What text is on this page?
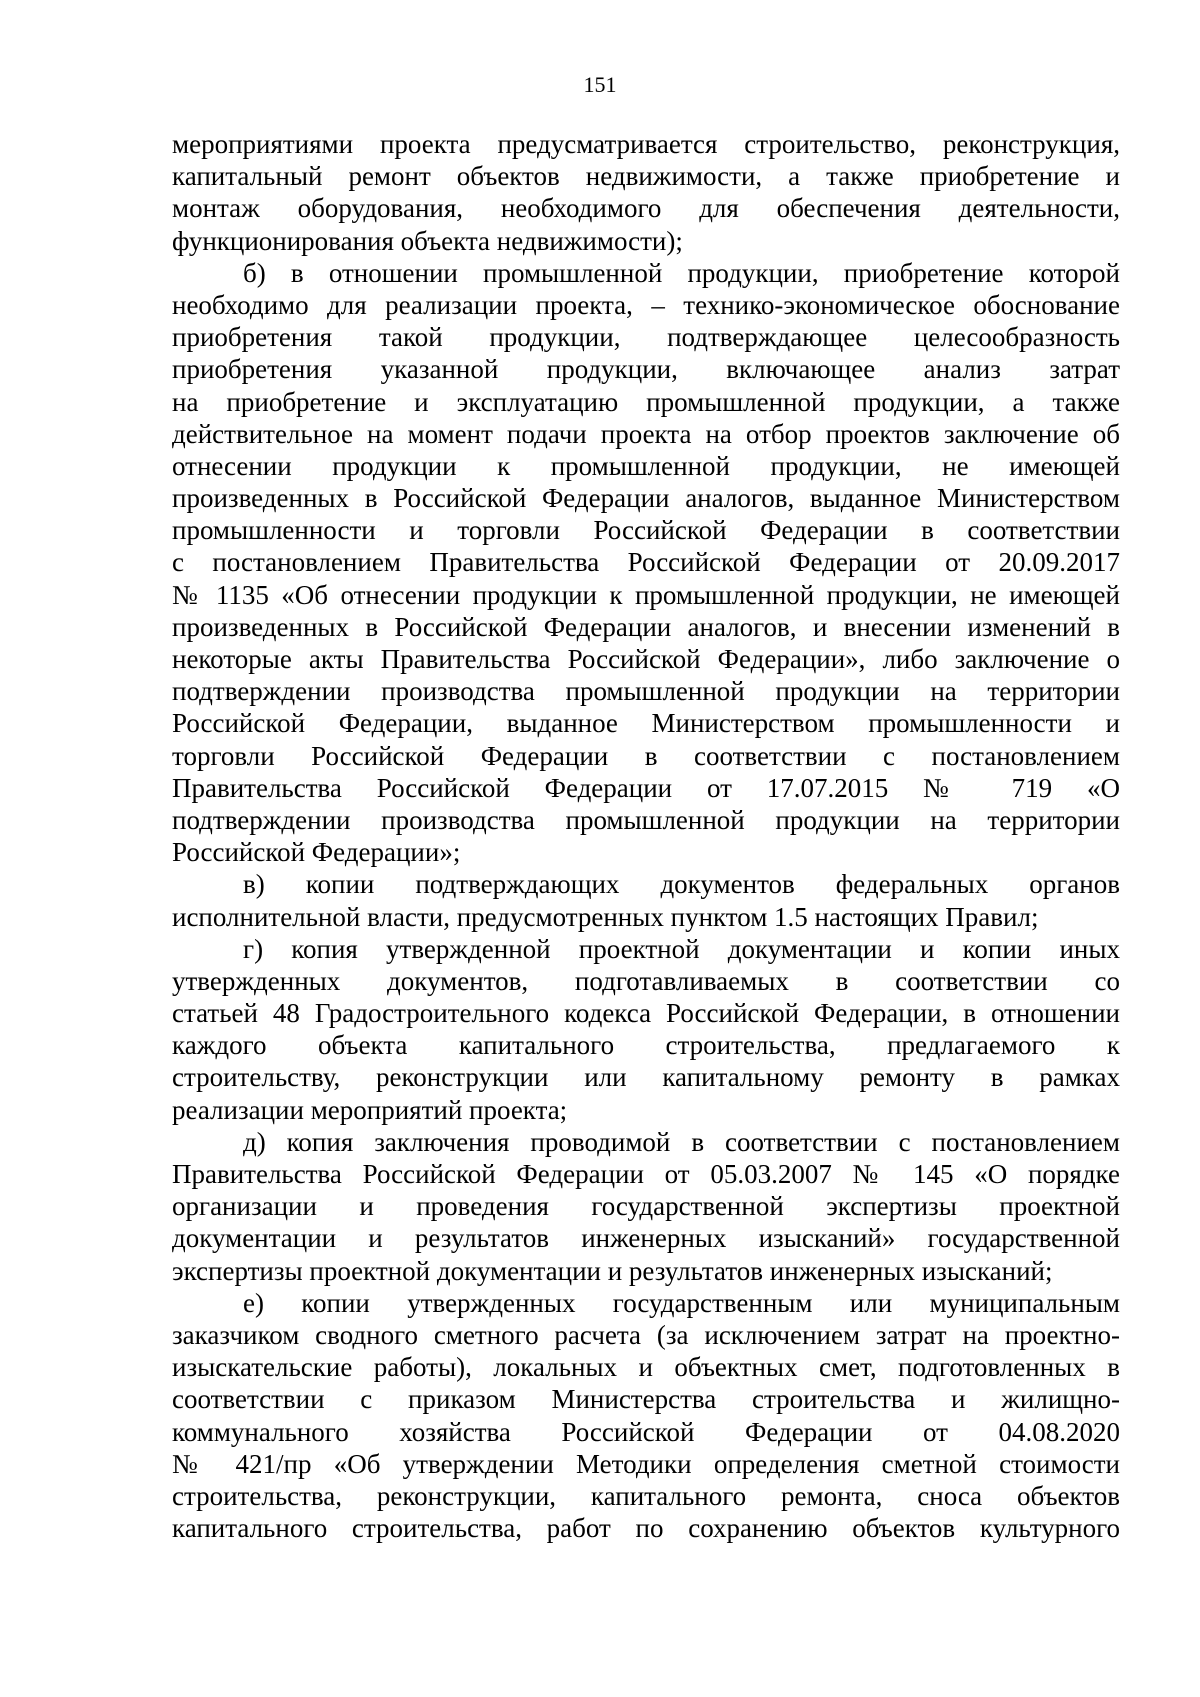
151
мероприятиями проекта предусматривается строительство, реконструкция,
капитальный ремонт объектов недвижимости, а также приобретение и
монтаж оборудования, необходимого для обеспечения деятельности,
функционирования объекта недвижимости);
б) в отношении промышленной продукции, приобретение которой
необходимо для реализации проекта, – технико-экономическое обоснование
приобретения такой продукции, подтверждающее целесообразность
приобретения указанной продукции, включающее анализ затрат
на приобретение и эксплуатацию промышленной продукции, а также
действительное на момент подачи проекта на отбор проектов заключение об
отнесении продукции к промышленной продукции, не имеющей
произведенных в Российской Федерации аналогов, выданное Министерством
промышленности и торговли Российской Федерации в соответствии
с постановлением Правительства Российской Федерации от 20.09.2017
№ 1135 «Об отнесении продукции к промышленной продукции, не имеющей
произведенных в Российской Федерации аналогов, и внесении изменений в
некоторые акты Правительства Российской Федерации», либо заключение о
подтверждении производства промышленной продукции на территории
Российской Федерации, выданное Министерством промышленности и
торговли Российской Федерации в соответствии с постановлением
Правительства Российской Федерации от 17.07.2015 № 719 «О
подтверждении производства промышленной продукции на территории
Российской Федерации»;
в) копии подтверждающих документов федеральных органов
исполнительной власти, предусмотренных пунктом 1.5 настоящих Правил;
г) копия утвержденной проектной документации и копии иных
утвержденных документов, подготавливаемых в соответствии со
статьей 48 Градостроительного кодекса Российской Федерации, в отношении
каждого объекта капитального строительства, предлагаемого к
строительству, реконструкции или капитальному ремонту в рамках
реализации мероприятий проекта;
д) копия заключения проводимой в соответствии с постановлением
Правительства Российской Федерации от 05.03.2007 № 145 «О порядке
организации и проведения государственной экспертизы проектной
документации и результатов инженерных изысканий» государственной
экспертизы проектной документации и результатов инженерных изысканий;
е) копии утвержденных государственным или муниципальным
заказчиком сводного сметного расчета (за исключением затрат на проектно-
изыскательские работы), локальных и объектных смет, подготовленных в
соответствии с приказом Министерства строительства и жилищно-
коммунального хозяйства Российской Федерации от 04.08.2020
№ 421/пр «Об утверждении Методики определения сметной стоимости
строительства, реконструкции, капитального ремонта, сноса объектов
капитального строительства, работ по сохранению объектов культурного
